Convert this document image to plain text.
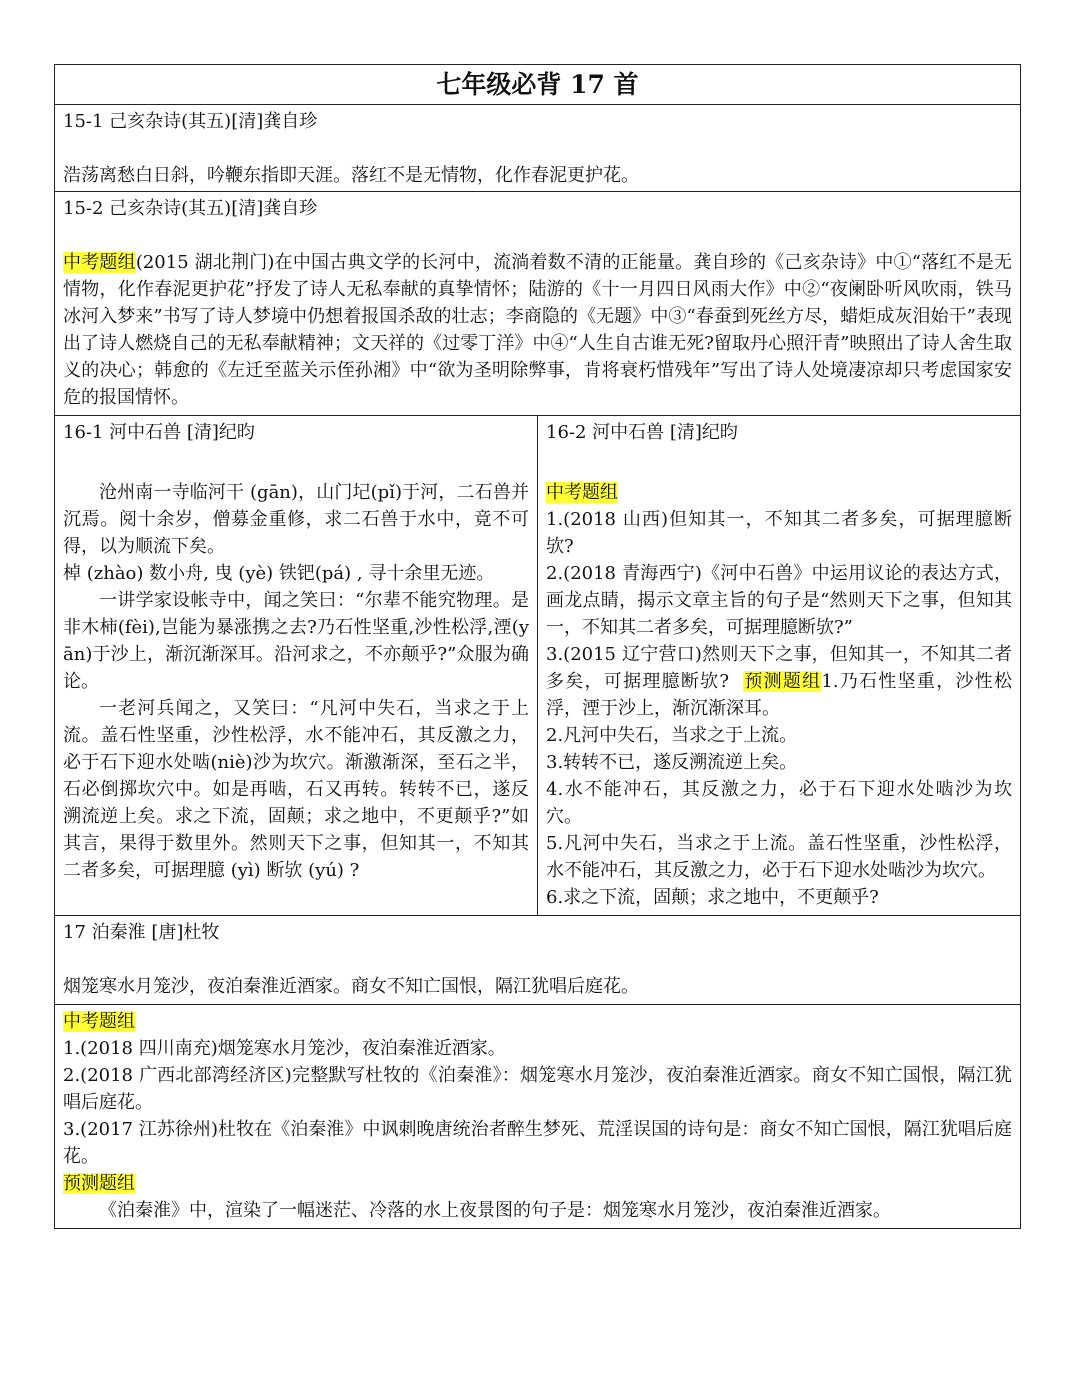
七年级必背 17 首

15-1 己亥杂诗(其五)[清]龚自珍

浩荡离愁白日斜，吟鞭东指即天涯。落红不是无情物，化作春泥更护花。

15-2 己亥杂诗(其五)[清]龚自珍

中考题组(2015 湖北荆门)在中国古典文学的长河中，流淌着数不清的正能量。龚自珍的《己亥杂诗》中①“落红不是无情物，化作春泥更护花”抒发了诗人无私奉献的真挚情怀；陆游的《十一月四日风雨大作》中②“夜阑卧听风吹雨，铁马冰河入梦来”书写了诗人梦境中仍想着报国杀敌的壮志；李商隐的《无题》中③“春蚕到死丝方尽，蜡炬成灰泪始干”表现出了诗人燃烧自己的无私奉献精神；文天祥的《过零丁洋》中④“人生自古谁无死?留取丹心照汗青”映照出了诗人舍生取义的决心；韩愈的《左迁至蓝关示侄孙湘》中“欲为圣明除弊事，肯将衰朽惜残年”写出了诗人处境凄凉却只考虑国家安危的报国情怀。

16-1 河中石兽 [清]纪昀

沧州南一寺临河干 (gān)，山门圮(pǐ)于河，二石兽并沉焉。阅十余岁，僧募金重修，求二石兽于水中，竟不可得，以为顺流下矣。

棹 (zhào) 数小舟, 曳 (yè) 铁钯(pá) , 寻十余里无迹。

一讲学家设帐寺中，闻之笑曰：“尔辈不能究物理。是非木柿(fèi),岂能为暴涨携之去?乃石性坚重,沙性松浮,湮(yān)于沙上，渐沉渐深耳。沿河求之，不亦颠乎?”众服为确论。

一老河兵闻之，又笑曰：“凡河中失石，当求之于上流。盖石性坚重，沙性松浮，水不能冲石，其反激之力，必于石下迎水处啮(niè)沙为坎穴。渐激渐深，至石之半，石必倒掷坎穴中。如是再啮，石又再转。转转不已，遂反溯流逆上矣。求之下流，固颠；求之地中，不更颠乎?”如其言，果得于数里外。然则天下之事，但知其一，不知其二者多矣，可据理臆 (yì) 断欤 (yú) ?

16-2 河中石兽 [清]纪昀

中考题组

1.(2018 山西)但知其一，不知其二者多矣，可据理臆断欤?

2.(2018 青海西宁)《河中石兽》中运用议论的表达方式，画龙点睛，揭示文章主旨的句子是“然则天下之事，但知其一，不知其二者多矣，可据理臆断欤?”

3.(2015 辽宁营口)然则天下之事，但知其一，不知其二者多矣，可据理臆断欤? 预测题组1.乃石性坚重，沙性松浮，湮于沙上，渐沉渐深耳。

2.凡河中失石，当求之于上流。

3.转转不已，遂反溯流逆上矣。

4.水不能冲石，其反激之力，必于石下迎水处啮沙为坎穴。

5.凡河中失石，当求之于上流。盖石性坚重，沙性松浮，水不能冲石，其反激之力，必于石下迎水处啮沙为坎穴。

6.求之下流，固颠；求之地中，不更颠乎?

17 泊秦淮 [唐]杜牧

烟笼寒水月笼沙，夜泊秦淮近酒家。商女不知亡国恨，隔江犹唱后庭花。

中考题组

1.(2018 四川南充)烟笼寒水月笼沙，夜泊秦淮近酒家。

2.(2018 广西北部湾经济区)完整默写杜牧的《泊秦淮》：烟笼寒水月笼沙，夜泊秦淮近酒家。商女不知亡国恨，隔江犹唱后庭花。

3.(2017 江苏徐州)杜牧在《泊秦淮》中讽刺晚唐统治者醉生梦死、荒淫误国的诗句是：商女不知亡国恨，隔江犹唱后庭花。

预测题组

《泊秦淮》中，渲染了一幅迷茫、冷落的水上夜景图的句子是：烟笼寒水月笼沙，夜泊秦淮近酒家。
